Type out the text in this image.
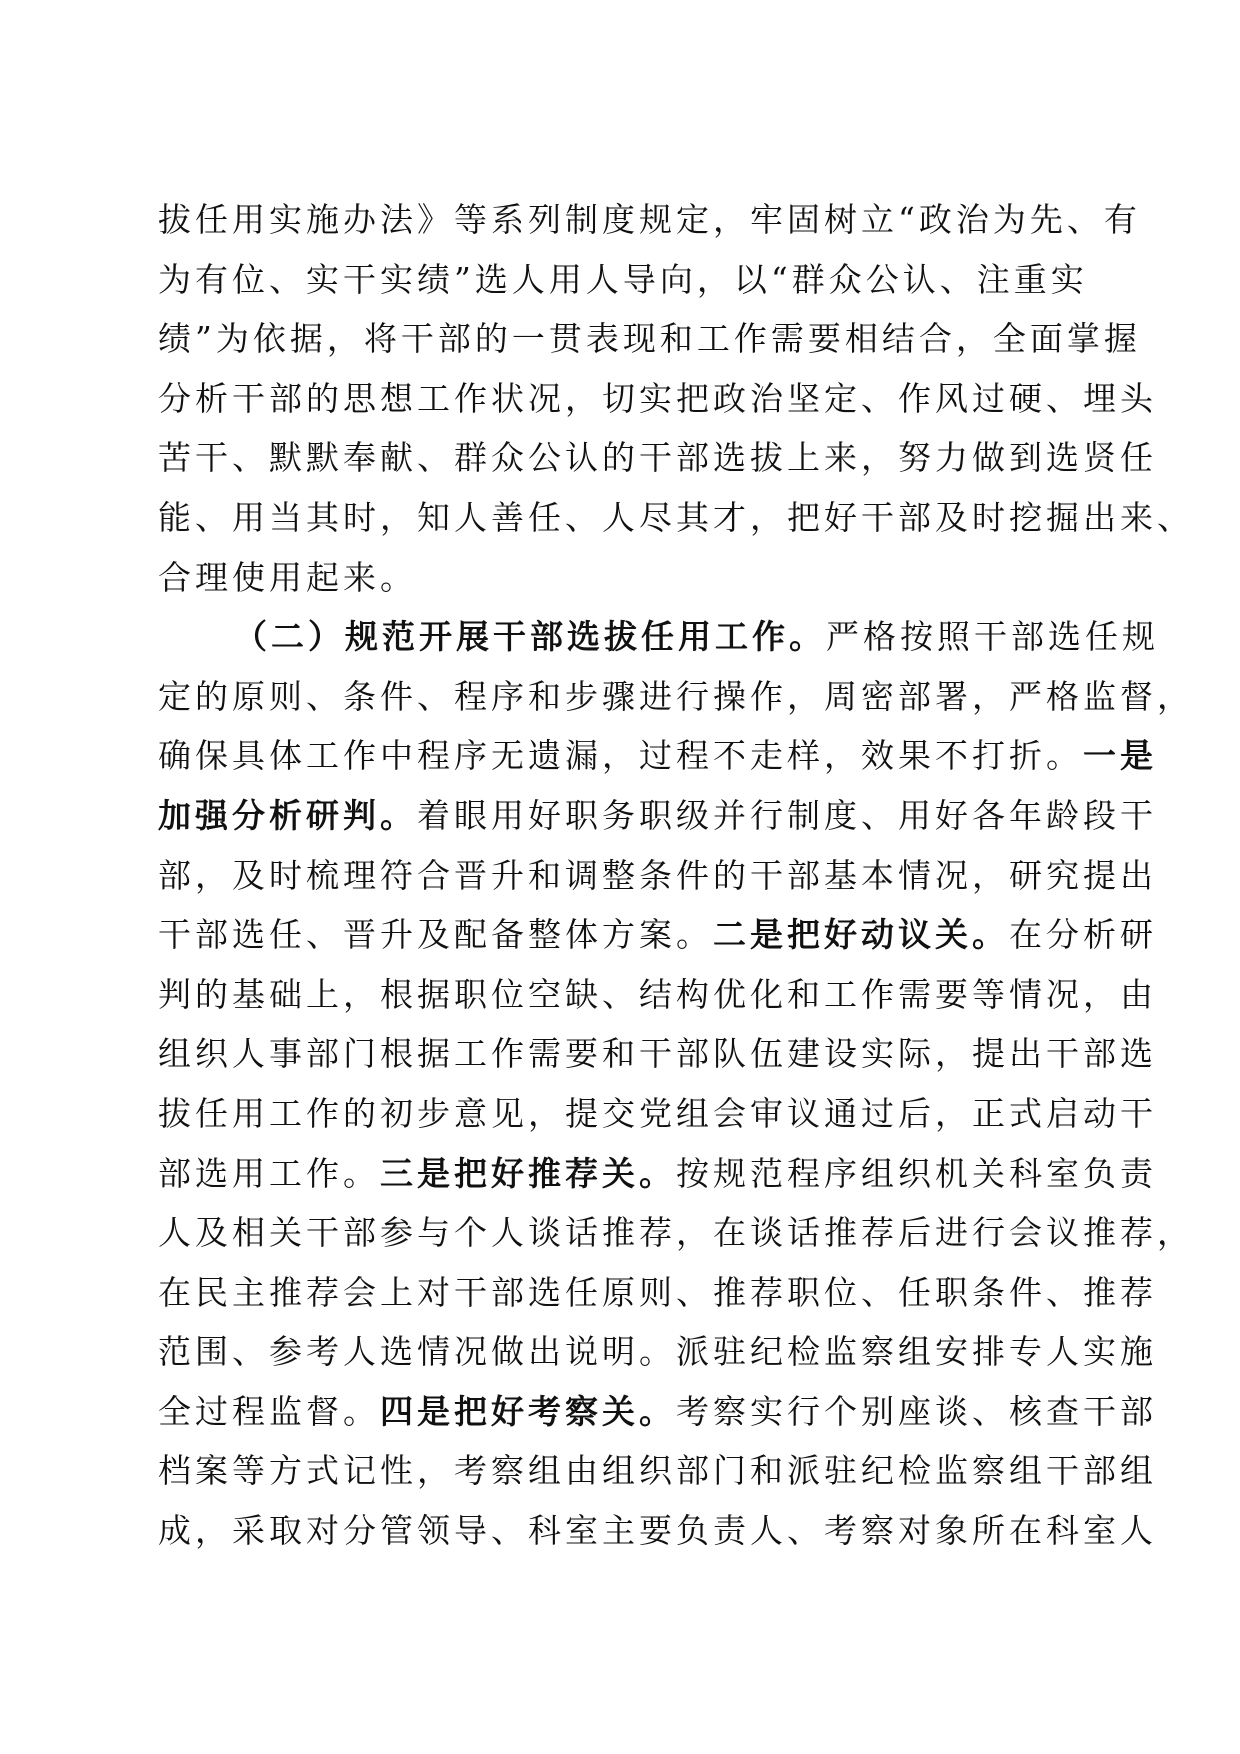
拔任用实施办法》等系列制度规定，牢固树立“政治为先、有
为有位、实干实绩”选人用人导向，以“群众公认、注重实
绩”为依据，将干部的一贯表现和工作需要相结合，全面掌握
分析干部的思想工作状况，切实把政治坚定、作风过硬、埋头
苦干、默默奉献、群众公认的干部选拔上来，努力做到选贤任
能、用当其时，知人善任、人尽其才，把好干部及时挖掘出来、
合理使用起来。
（二）规范开展干部选拔任用工作。严格按照干部选任规
定的原则、条件、程序和步骤进行操作，周密部署，严格监督，
确保具体工作中程序无遗漏，过程不走样，效果不打折。一是
加强分析研判。着眼用好职务职级并行制度、用好各年龄段干
部，及时梳理符合晋升和调整条件的干部基本情况，研究提出
干部选任、晋升及配备整体方案。二是把好动议关。在分析研
判的基础上，根据职位空缺、结构优化和工作需要等情况，由
组织人事部门根据工作需要和干部队伍建设实际，提出干部选
拔任用工作的初步意见，提交党组会审议通过后，正式启动干
部选用工作。三是把好推荐关。按规范程序组织机关科室负责
人及相关干部参与个人谈话推荐，在谈话推荐后进行会议推荐，
在民主推荐会上对干部选任原则、推荐职位、任职条件、推荐
范围、参考人选情况做出说明。派驻纪检监察组安排专人实施
全过程监督。四是把好考察关。考察实行个别座谈、核查干部
档案等方式记性，考察组由组织部门和派驻纪检监察组干部组
成，采取对分管领导、科室主要负责人、考察对象所在科室人
